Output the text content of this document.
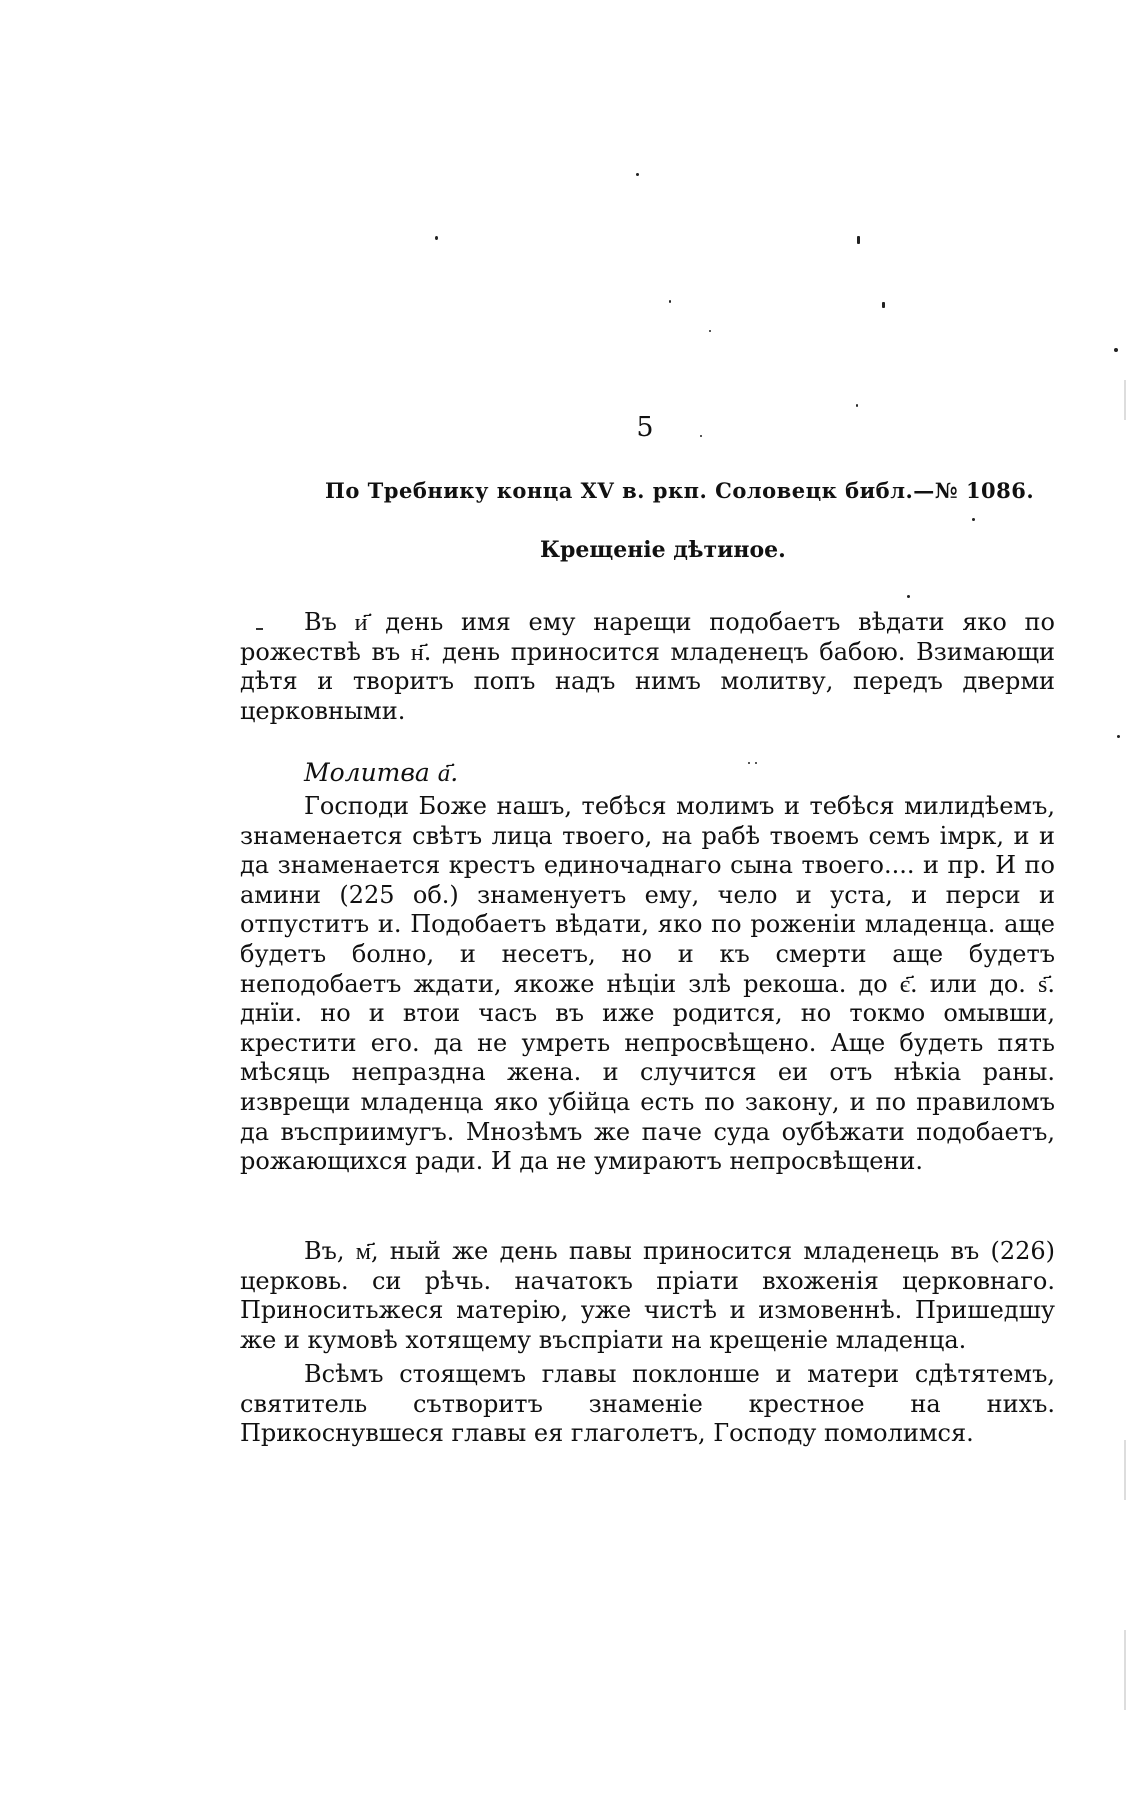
5
По Требнику конца XV в. ркп. Соловецк библ.—№ 1086.
Крещеніе дѣтиное.

Въ и҃ день имя ему нарещи подобаетъ вѣдати яко по рожествѣ въ н҃. день приносится младенецъ бабою. Взимающи дѣтя и творитъ попъ надъ нимъ молитву, передъ дверми церковными.

Молитва а҃.

Господи Боже нашъ, тебѣся молимъ и тебѣся милидѣемъ, знаменается свѣтъ лица твоего, на рабѣ твоемъ семъ імрк, и и да знаменается крестъ единочаднаго сына твоего.... и пр. И по амини (225 об.) знаменуетъ ему, чело и уста, и перси и отпуститъ и. Подобаетъ вѣдати, яко по роженіи младенца. аще будетъ болно, и несетъ, но и къ смерти аще будетъ неподобаетъ ждати, якоже нѣціи злѣ рекоша. до є҃. или до. ѕ҃. днїи. но и втои часъ въ иже родится, но токмо омывши, крестити его. да не умреть непросвѣщено. Аще будеть пять мѣсяць непраздна жена. и случится еи отъ нѣкіа раны. изврещи младенца яко убійца есть по закону, и по правиломъ да въсприимугъ. Мнозѣмъ же паче суда оубѣжати подобаетъ, рожающихся ради. И да не умираютъ непросвѣщени.

Въ, м҃, ный же день павы приносится младенець въ (226) церковь. си рѣчь. начатокъ пріати вхоженія церковнаго. Приноситьжеся матерію, уже чистѣ и измовеннѣ. Пришедшу же и кумовѣ хотящему въспріати на крещеніе младенца.

Всѣмъ стоящемъ главы поклонше и матери сдѣтятемъ, святитель сътворитъ знаменіе крестное на нихъ. Прикоснувшеся главы ея глаголетъ, Господу помолимся.
